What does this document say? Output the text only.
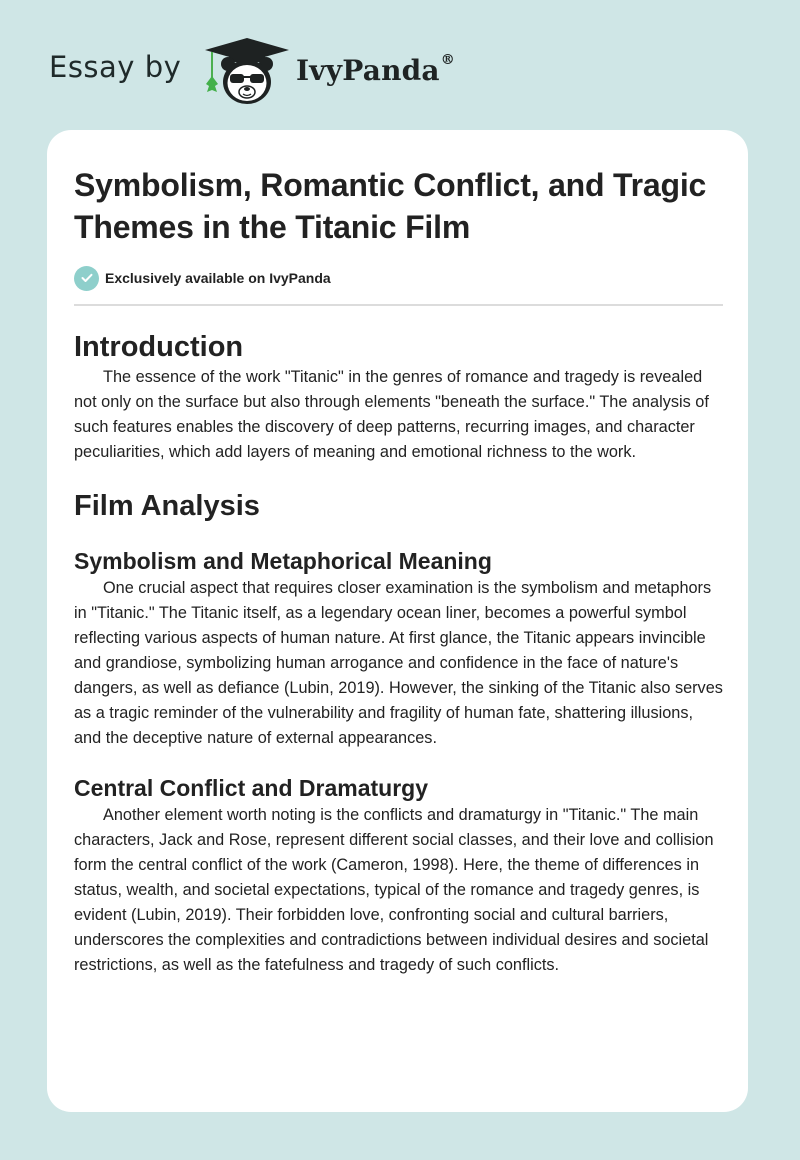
Essay by	IvyPanda®
Symbolism, Romantic Conflict, and Tragic Themes in the Titanic Film
Exclusively available on IvyPanda
Introduction

The essence of the work "Titanic" in the genres of romance and tragedy is revealed not only on the surface but also through elements "beneath the surface." The analysis of such features enables the discovery of deep patterns, recurring images, and character peculiarities, which add layers of meaning and emotional richness to the work.

Film Analysis
Symbolism and Metaphorical Meaning

One crucial aspect that requires closer examination is the symbolism and metaphors in "Titanic." The Titanic itself, as a legendary ocean liner, becomes a powerful symbol reflecting various aspects of human nature. At first glance, the Titanic appears invincible and grandiose, symbolizing human arrogance and confidence in the face of nature's dangers, as well as defiance (Lubin, 2019). However, the sinking of the Titanic also serves as a tragic reminder of the vulnerability and fragility of human fate, shattering illusions, and the deceptive nature of external appearances.

Central Conflict and Dramaturgy

Another element worth noting is the conflicts and dramaturgy in "Titanic." The main characters, Jack and Rose, represent different social classes, and their love and collision form the central conflict of the work (Cameron, 1998). Here, the theme of differences in status, wealth, and societal expectations, typical of the romance and tragedy genres, is evident (Lubin, 2019). Their forbidden love, confronting social and cultural barriers, underscores the complexities and contradictions between individual desires and societal restrictions, as well as the fatefulness and tragedy of such conflicts.
